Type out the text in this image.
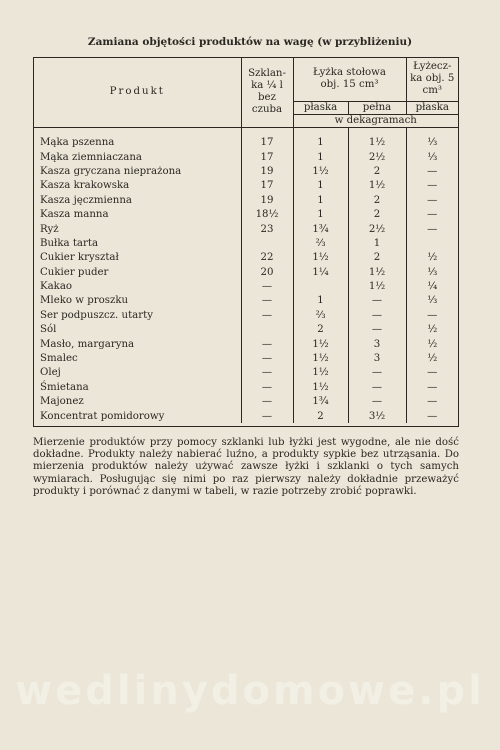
Zamiana objętości produktów na wagę (w przybliżeniu)
Produkt	Szklan-ka ¼ l bez czuba	Łyżka stołowa obj. 15 cm³		Łyżecz-ka obj. 5 cm³
		płaska	pełna	płaska
		w dekagramach		
Mąka pszenna	17	1	1½	⅓
Mąka ziemniaczana	17	1	2½	⅓
Kasza gryczana nieprażona	19	1½	2	—
Kasza krakowska	17	1	1½	—
Kasza jęczmienna	19	1	2	—
Kasza manna	18½	1	2	—
Ryż	23	1¾	2½	—
Bułka tarta		⅔	1	
Cukier kryształ	22	1½	2	½
Cukier puder	20	1¼	1½	⅓
Kakao	—		1½	¼
Mleko w proszku	—	1	—	⅓
Ser podpuszcz. utarty	—	⅔	—	—
Sól		2	—	½
Masło, margaryna	—	1½	3	½
Smalec	—	1½	3	½
Olej	—	1½	—	—
Śmietana	—	1½	—	—
Majonez	—	1¾	—	—
Koncentrat pomidorowy	—	2	3½	—
Mierzenie produktów przy pomocy szklanki lub łyżki jest wygodne, ale nie dość dokładne. Produkty należy nabierać luźno, a produkty sypkie bez utrząsania. Do mierzenia produktów należy używać zawsze łyżki i szklanki o tych samych wymiarach. Posługując się nimi po raz pierwszy należy dokładnie przeważyć produkty i porównać z danymi w tabeli, w razie potrzeby zrobić poprawki.
wedlinydomowe.pl
